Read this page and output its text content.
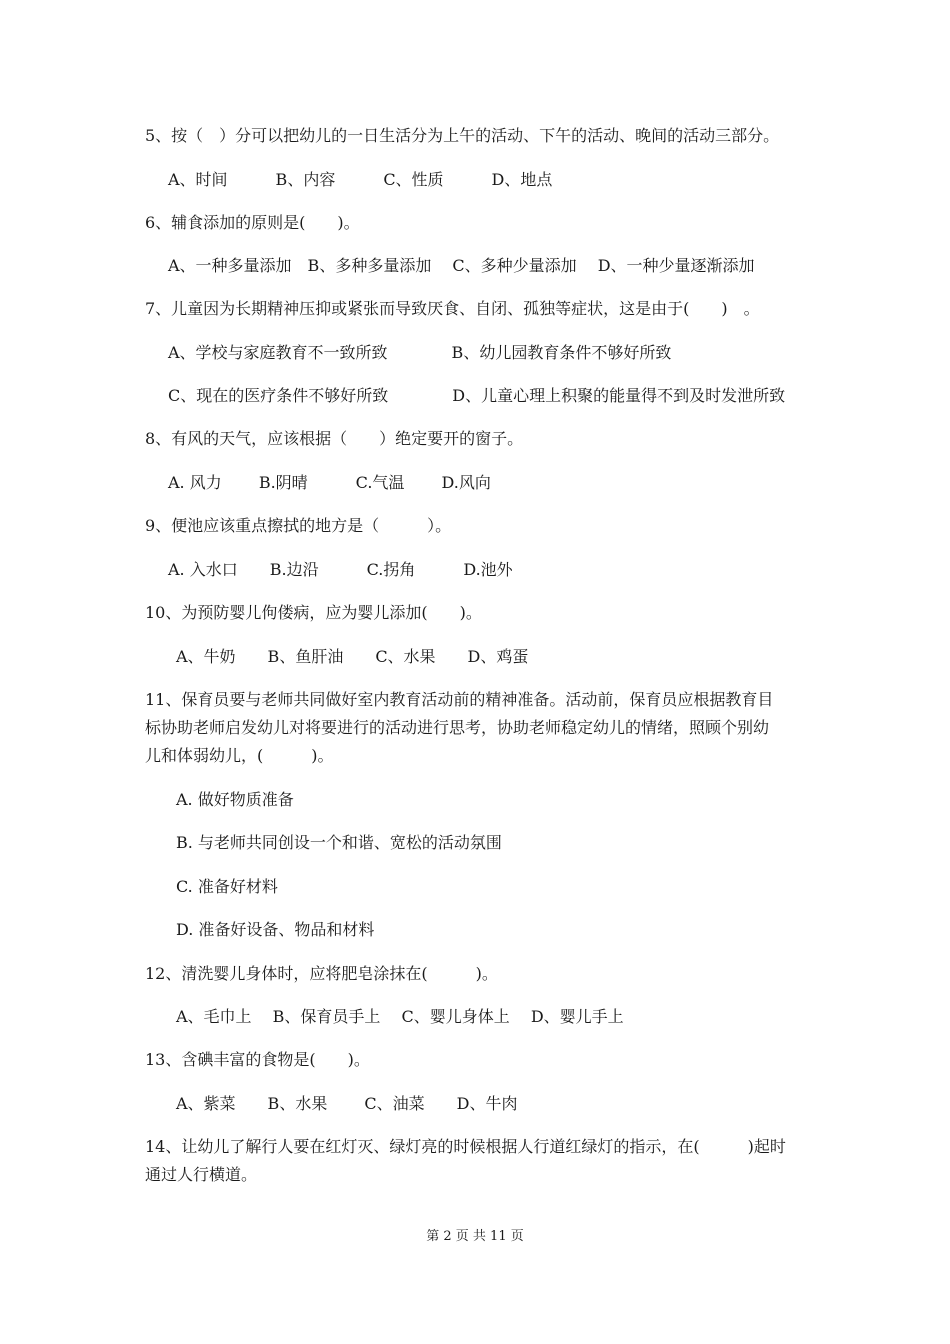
5、按（　）分可以把幼儿的一日生活分为上午的活动、下午的活动、晚间的活动三部分。
A、时间　　　B、内容　　　C、性质　　　D、地点
6、辅食添加的原则是(　　)。
A、一种多量添加　B、多种多量添加　 C、多种少量添加　 D、一种少量逐渐添加
7、儿童因为长期精神压抑或紧张而导致厌食、自闭、孤独等症状，这是由于(　　)　。
A、学校与家庭教育不一致所致　　　　B、幼儿园教育条件不够好所致
C、现在的医疗条件不够好所致　　　　D、儿童心理上积聚的能量得不到及时发泄所致
8、有风的天气，应该根据（　　）绝定要开的窗子。
A. 风力　　 B.阴晴　　　C.气温　　 D.风向
9、便池应该重点擦拭的地方是（　　　）。
A. 入水口　　B.边沿　　　C.拐角　　　D.池外
10、为预防婴儿佝偻病，应为婴儿添加(　　)。
A、牛奶　　B、鱼肝油　　C、水果　　D、鸡蛋
11、保育员要与老师共同做好室内教育活动前的精神准备。活动前，保育员应根据教育目
标协助老师启发幼儿对将要进行的活动进行思考，协助老师稳定幼儿的情绪，照顾个别幼
儿和体弱幼儿，(　　　)。
A. 做好物质准备
B. 与老师共同创设一个和谐、宽松的活动氛围
C. 准备好材料
D. 准备好设备、物品和材料
12、清洗婴儿身体时，应将肥皂涂抹在(　　　)。
A、毛巾上　 B、保育员手上　 C、婴儿身体上　 D、婴儿手上
13、含碘丰富的食物是(　　)。
A、紫菜　　B、水果　　 C、油菜　　D、牛肉
14、让幼儿了解行人要在红灯灭、绿灯亮的时候根据人行道红绿灯的指示，在(　　　)起时
通过人行横道。
第 2 页 共 11 页
